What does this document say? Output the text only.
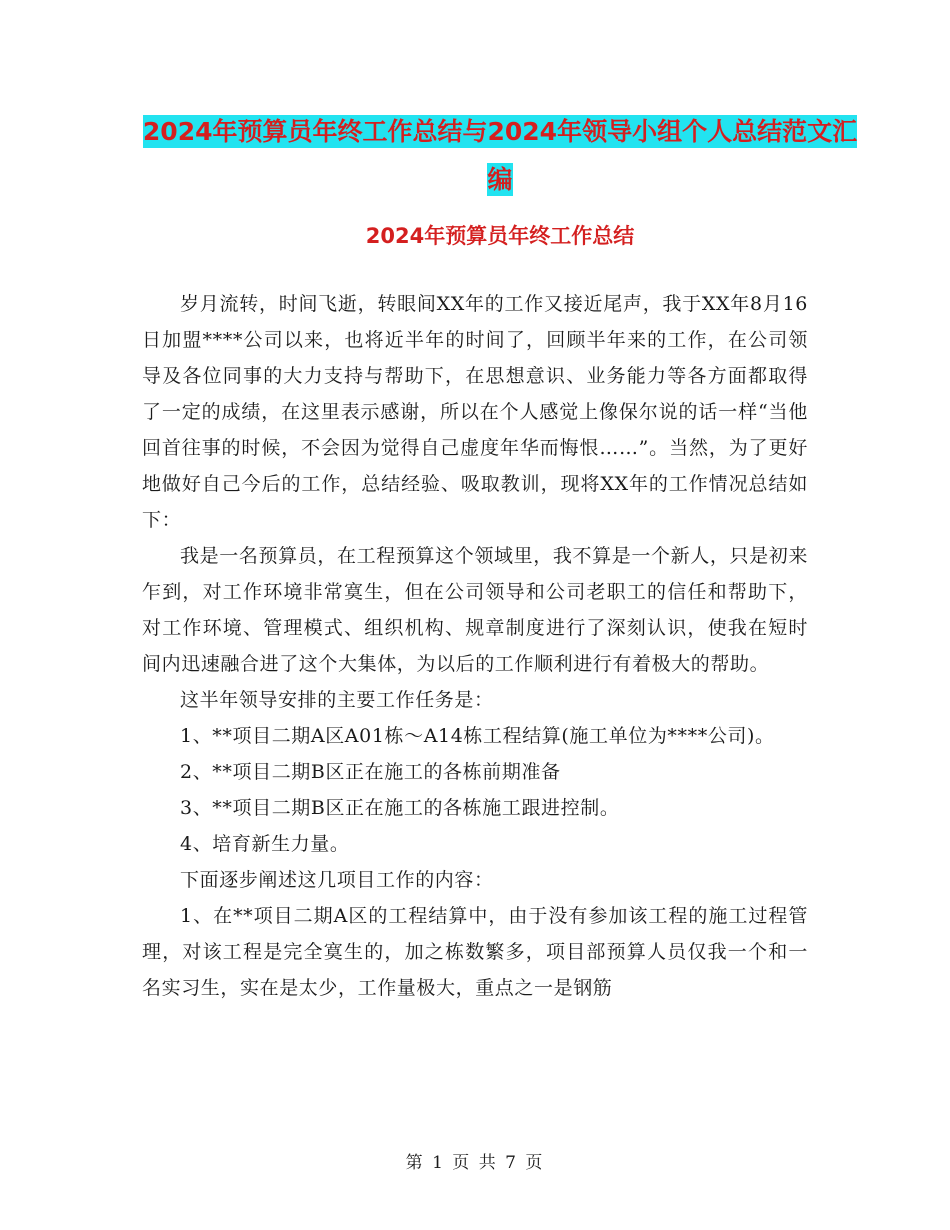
2024年预算员年终工作总结与2024年领导小组个人总结范文汇编
2024年预算员年终工作总结

岁月流转，时间飞逝，转眼间XX年的工作又接近尾声，我于XX年8月16日加盟****公司以来，也将近半年的时间了，回顾半年来的工作，在公司领导及各位同事的大力支持与帮助下，在思想意识、业务能力等各方面都取得了一定的成绩，在这里表示感谢，所以在个人感觉上像保尔说的话一样“当他回首往事的时候，不会因为觉得自己虚度年华而悔恨……”。当然，为了更好地做好自己今后的工作，总结经验、吸取教训，现将XX年的工作情况总结如下：

我是一名预算员，在工程预算这个领域里，我不算是一个新人，只是初来乍到，对工作环境非常寞生，但在公司领导和公司老职工的信任和帮助下，对工作环境、管理模式、组织机构、规章制度进行了深刻认识，使我在短时间内迅速融合进了这个大集体，为以后的工作顺利进行有着极大的帮助。

这半年领导安排的主要工作任务是：

1、**项目二期A区A01栋～A14栋工程结算(施工单位为****公司)。

2、**项目二期B区正在施工的各栋前期准备

3、**项目二期B区正在施工的各栋施工跟进控制。

4、培育新生力量。

下面逐步阐述这几项目工作的内容：

1、在**项目二期A区的工程结算中，由于没有参加该工程的施工过程管理，对该工程是完全寞生的，加之栋数繁多，项目部预算人员仅我一个和一名实习生，实在是太少，工作量极大，重点之一是钢筋

第 1 页 共 7 页
